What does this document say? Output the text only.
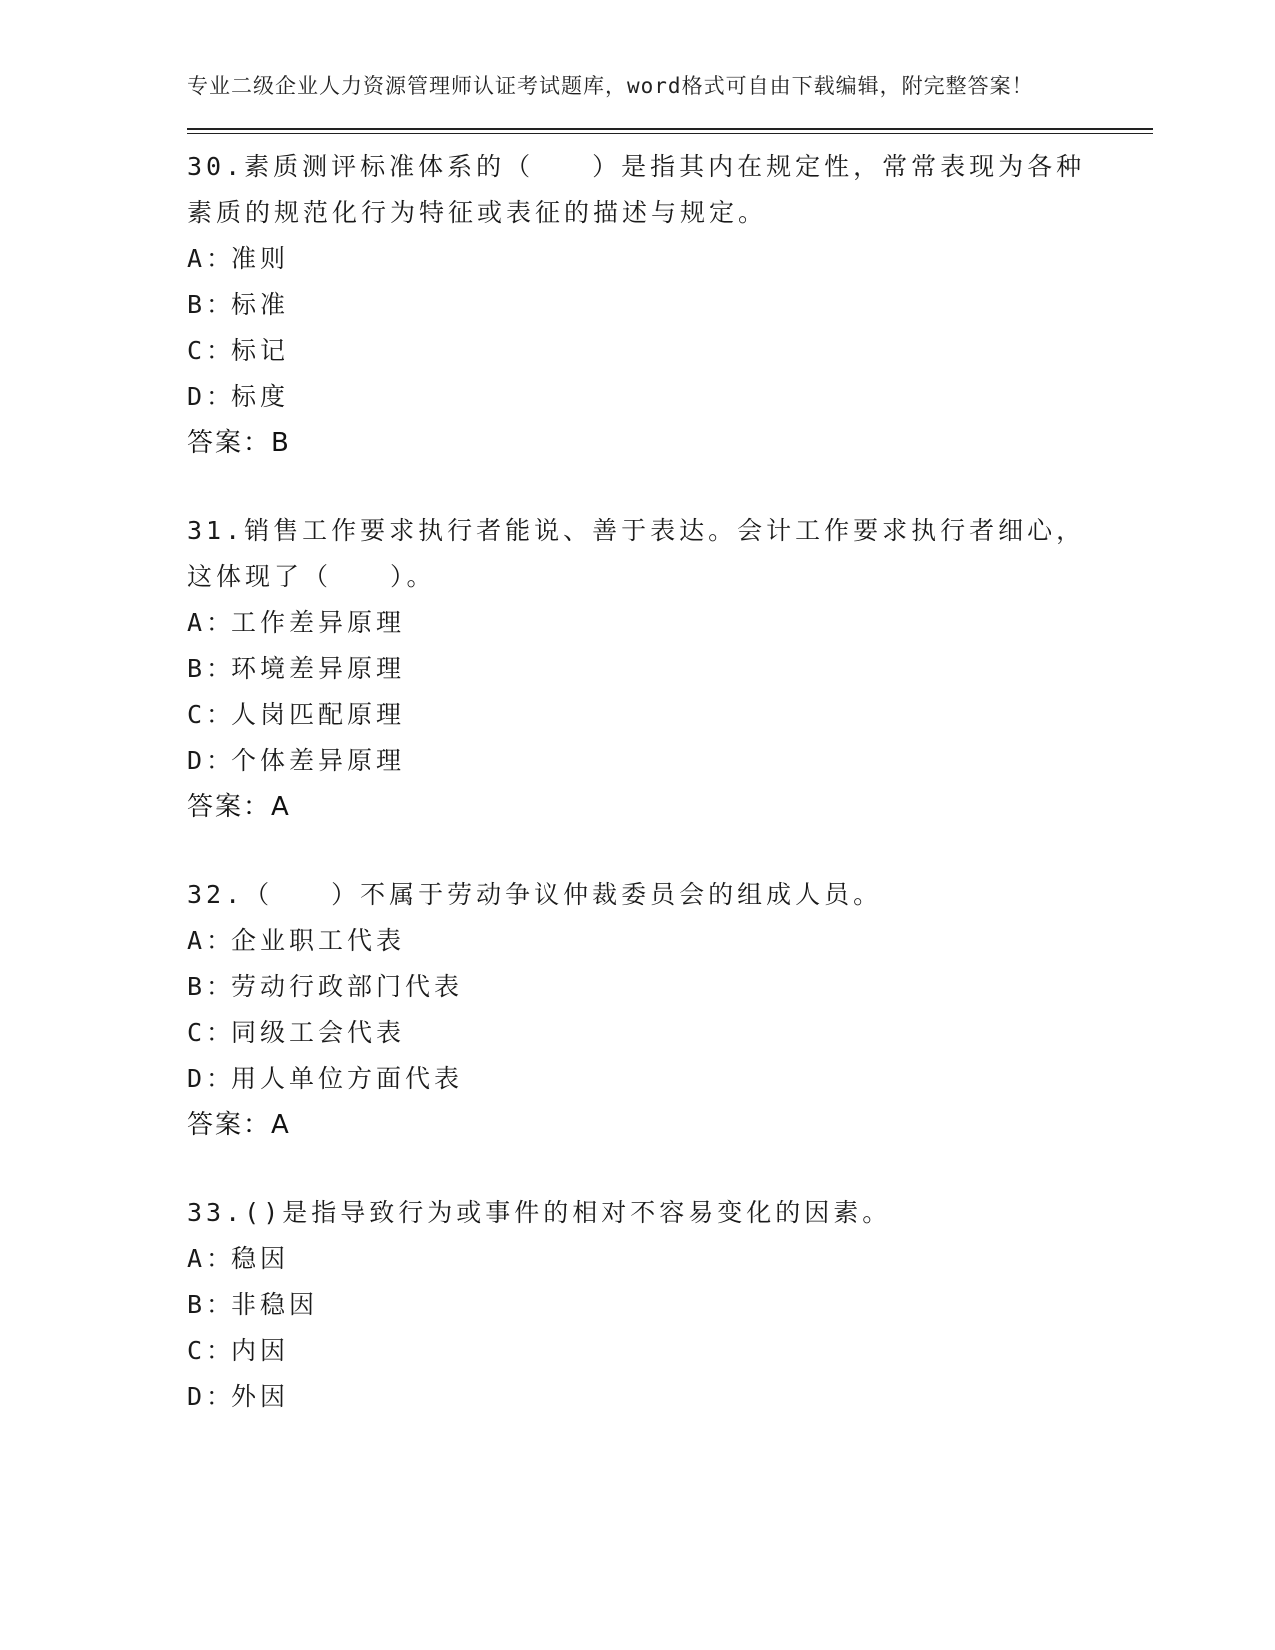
专业二级企业人力资源管理师认证考试题库，word格式可自由下载编辑，附完整答案！
30.素质测评标准体系的（　　）是指其内在规定性，常常表现为各种素质的规范化行为特征或表征的描述与规定。
A：准则
B：标准
C：标记
D：标度
答案：B
31.销售工作要求执行者能说、善于表达。会计工作要求执行者细心，这体现了（　　）。
A：工作差异原理
B：环境差异原理
C：人岗匹配原理
D：个体差异原理
答案：A
32.（　　）不属于劳动争议仲裁委员会的组成人员。
A：企业职工代表
B：劳动行政部门代表
C：同级工会代表
D：用人单位方面代表
答案：A
33.()是指导致行为或事件的相对不容易变化的因素。
A：稳因
B：非稳因
C：内因
D：外因
